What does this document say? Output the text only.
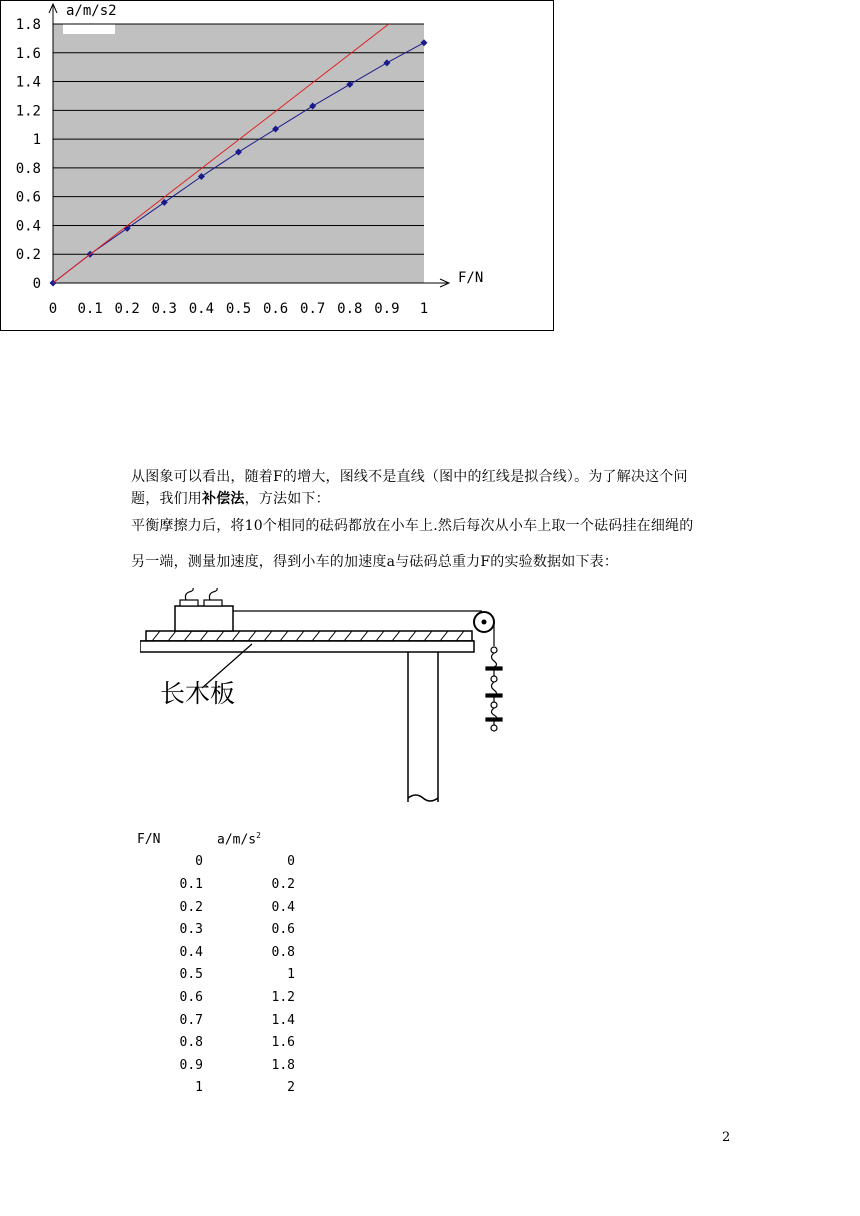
0
0.2
0.4
0.6
0.8
1
1.2
1.4
1.6
1.8
0 0.1 0.2 0.3 0.4 0.5 0.6 0.7 0.8 0.9 1
a/m/s2
F/N
从图象可以看出，随着F的增大，图线不是直线（图中的红线是拟合线）。为了解决这个问
题，我们用补偿法，方法如下：
平衡摩擦力后，将10个相同的砝码都放在小车上.然后每次从小车上取一个砝码挂在细绳的
另一端，测量加速度，得到小车的加速度a与砝码总重力F的实验数据如下表：
长木板
F/N	$a/m/s^2$
0	0
0.1	0.2
0.2	0.4
0.3	0.6
0.4	0.8
0.5	1
0.6	1.2
0.7	1.4
0.8	1.6
0.9	1.8
1	2
2
